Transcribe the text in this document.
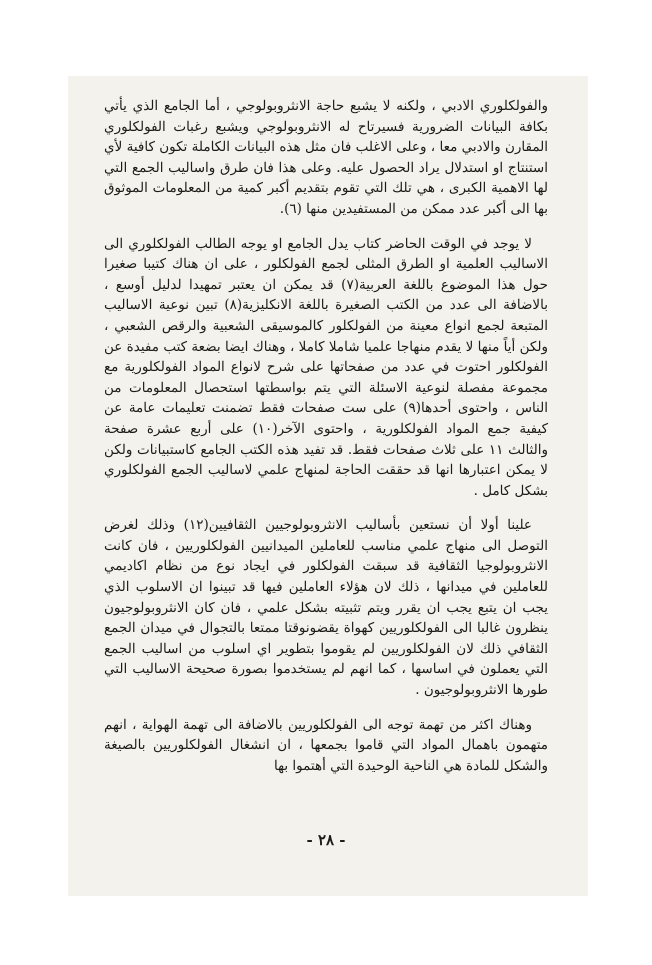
والفولكلوري الادبي ، ولكنه لا يشبع حاجة الانثروبولوجي ، أما الجامع الذي يأتي بكافة البيانات الضرورية فسيرتاح له الانثروبولوجي ويشبع رغبات الفولكلوري المقارن والادبي معا ، وعلى الاغلب فان مثل هذه البيانات الكاملة تكون كافية لأي استنتاج او استدلال يراد الحصول عليه. وعلى هذا فان طرق واساليب الجمع التي لها الاهمية الكبرى ، هي تلك التي تقوم بتقديم أكبر كمية من المعلومات الموثوق بها الى أكبر عدد ممكن من المستفيدين منها (٦).

لا يوجد في الوقت الحاضر كتاب يدل الجامع او يوجه الطالب الفولكلوري الى الاساليب العلمية او الطرق المثلى لجمع الفولكلور ، على ان هناك كتيبا صغيرا حول هذا الموضوع باللغة العربية(٧) قد يمكن ان يعتبر تمهيدا لدليل أوسع ، بالاضافة الى عدد من الكتب الصغيرة باللغة الانكليزية(٨) تبين نوعية الاساليب المتبعة لجمع انواع معينة من الفولكلور كالموسيقى الشعبية والرقص الشعبي ، ولكن أياً منها لا يقدم منهاجا علميا شاملا كاملا ، وهناك ايضا بضعة كتب مفيدة عن الفولكلور احتوت في عدد من صفحاتها على شرح لانواع المواد الفولكلورية مع مجموعة مفصلة لنوعية الاسئلة التي يتم بواسطتها استحصال المعلومات من الناس ، واحتوى أحدها(٩) على ست صفحات فقط تضمنت تعليمات عامة عن كيفية جمع المواد الفولكلورية ، واحتوى الآخر(١٠) على أربع عشرة صفحة والثالث ١١ على ثلاث صفحات فقط. قد تفيد هذه الكتب الجامع كاستبيانات ولكن لا يمكن اعتبارها انها قد حققت الحاجة لمنهاج علمي لاساليب الجمع الفولكلوري بشكل كامل .

علينا أولا أن نستعين بأساليب الانثروبولوجيين الثقافيين(١٢) وذلك لغرض التوصل الى منهاج علمي مناسب للعاملين الميدانيين الفولكلوريين ، فان كانت الانثروبولوجيا الثقافية قد سبقت الفولكلور في ايجاد نوع من نظام اكاديمي للعاملين في ميدانها ، ذلك لان هؤلاء العاملين فيها قد تبينوا ان الاسلوب الذي يجب ان يتبع يجب ان يقرر ويتم تثبيته بشكل علمي ، فان كان الانثروبولوجيون ينظرون غالبا الى الفولكلوريين كهواة يقضونوقتا ممتعا بالتجوال في ميدان الجمع الثقافي ذلك لان الفولكلوريين لم يقوموا بتطوير اي اسلوب من اساليب الجمع التي يعملون في اساسها ، كما انهم لم يستخدموا بصورة صحيحة الاساليب التي طورها الانثروبولوجيون .

وهناك اكثر من تهمة توجه الى الفولكلوريين بالاضافة الى تهمة الهواية ، انهم متهمون باهمال المواد التي قاموا بجمعها ، ان انشغال الفولكلوريين بالصيغة والشكل للمادة هي الناحية الوحيدة التي أهتموا بها

- ٢٨ -
